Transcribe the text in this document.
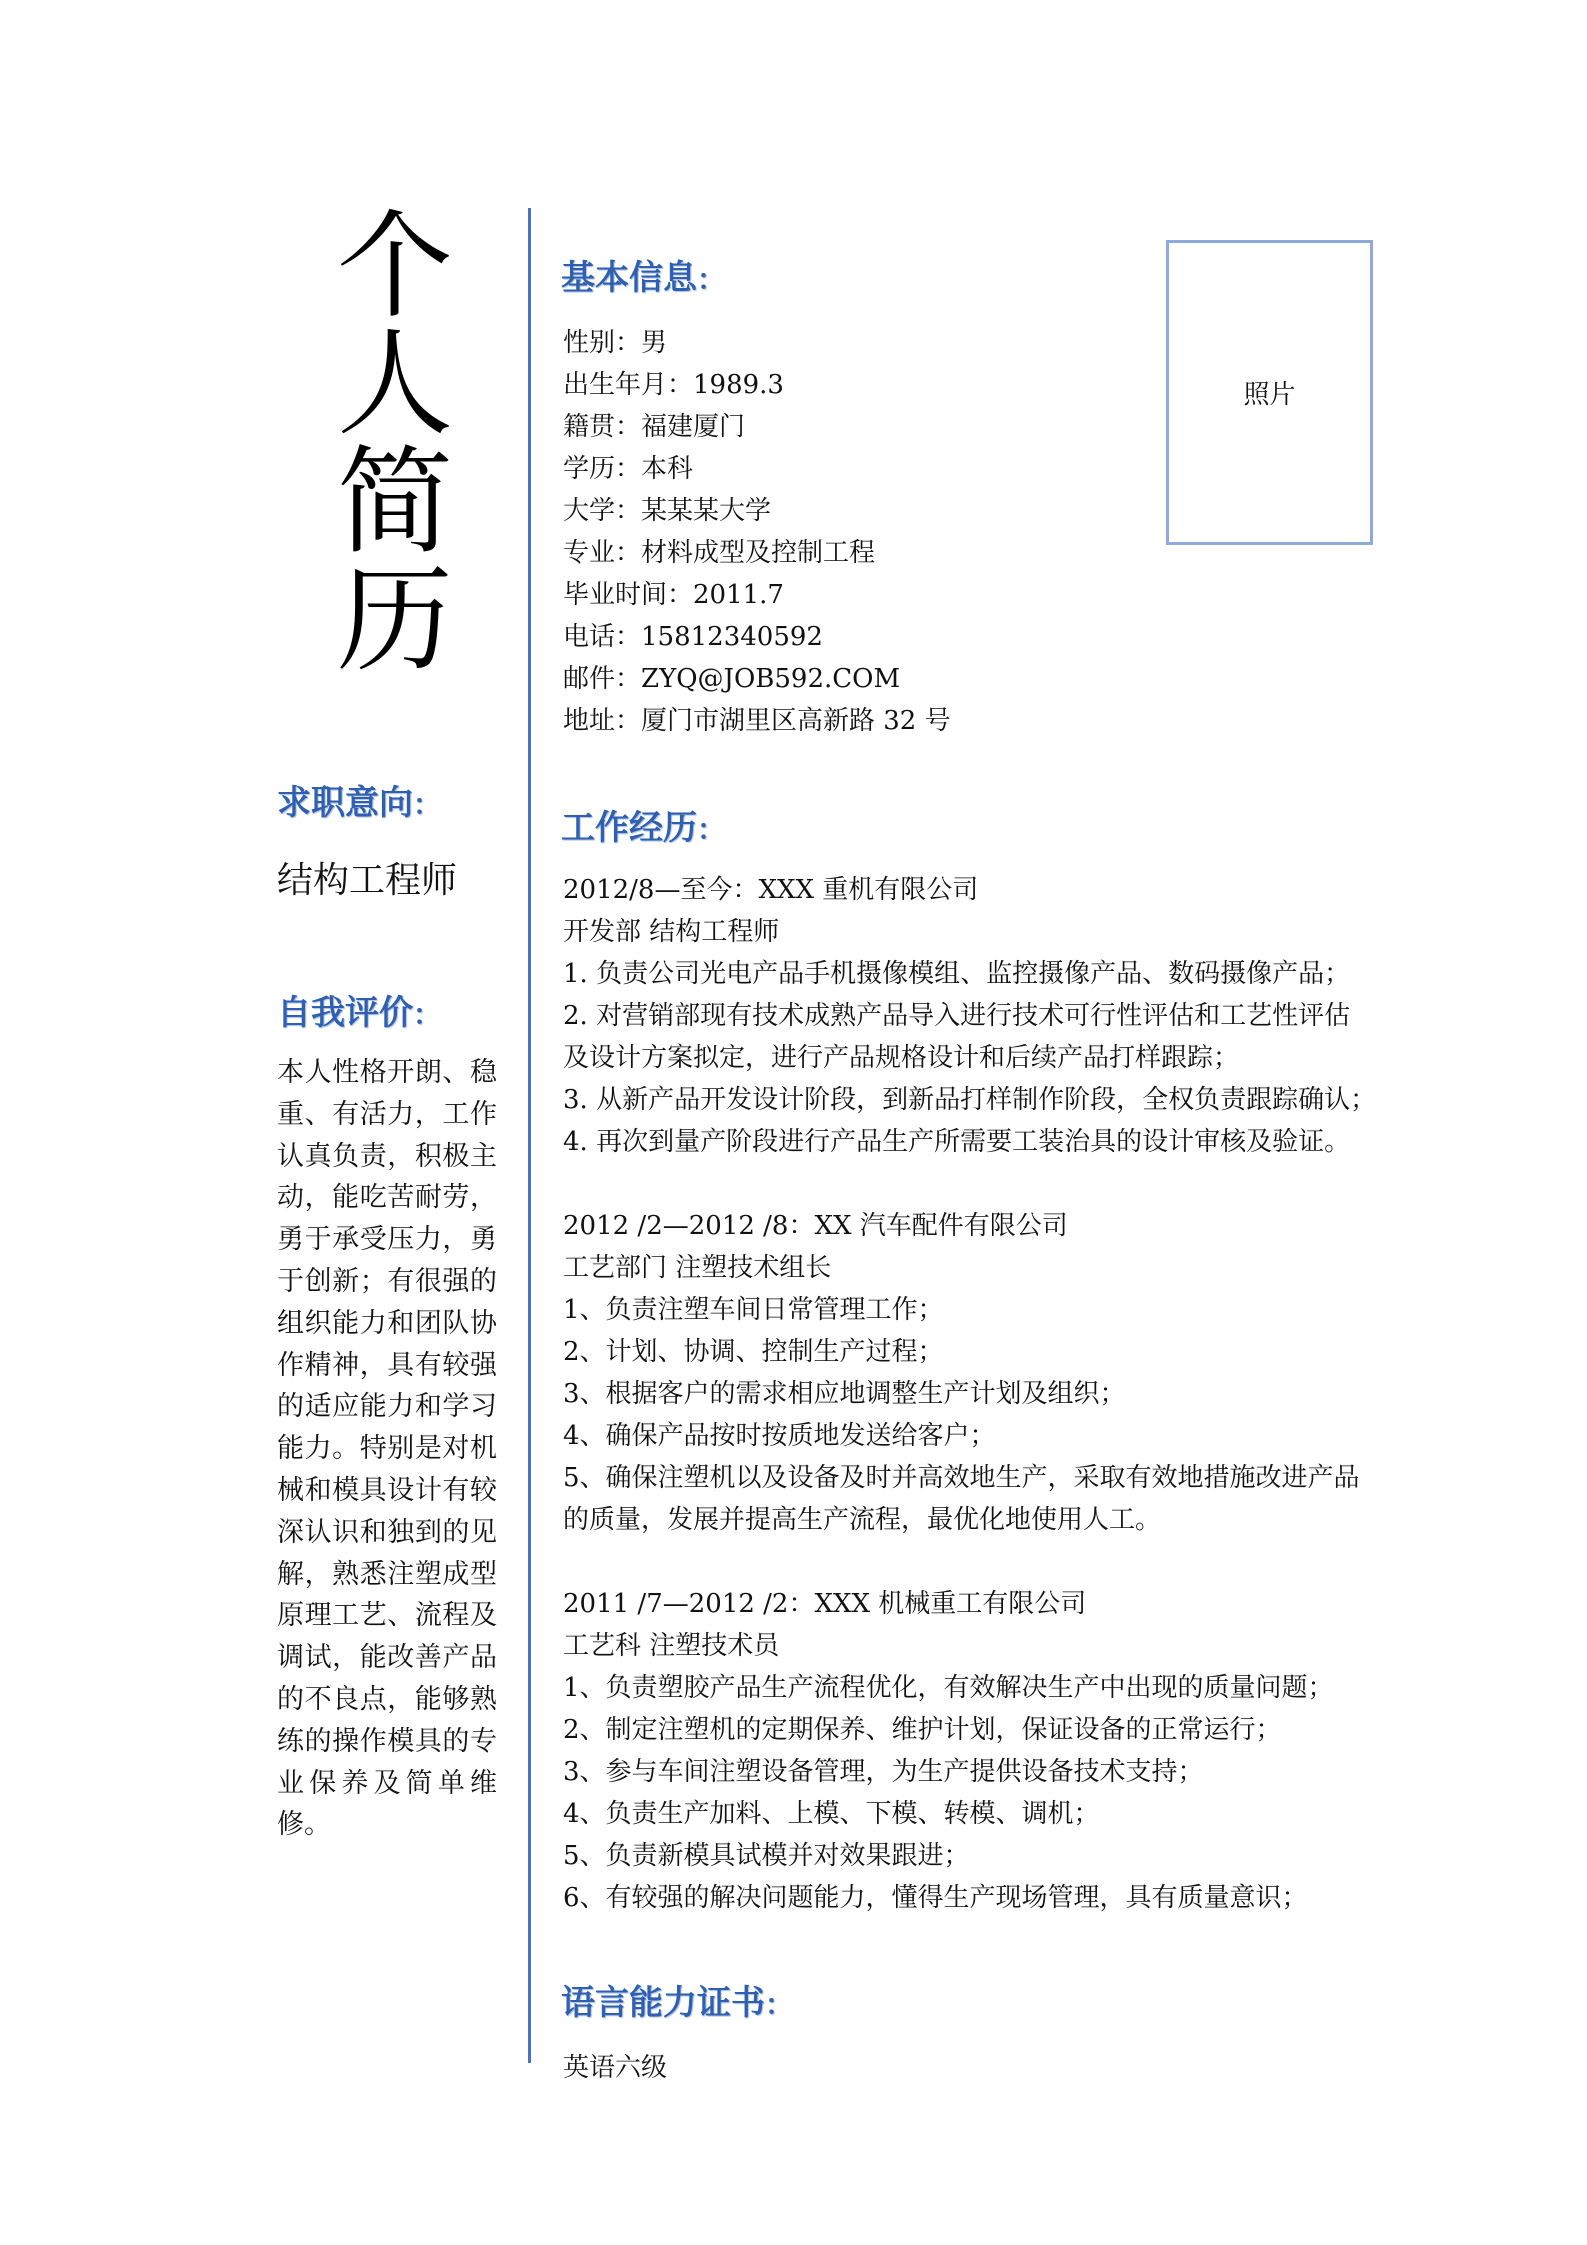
个
人
简
历
求职意向：
结构工程师
自我评价：
本人性格开朗、稳重、有活力，工作认真负责，积极主动，能吃苦耐劳，勇于承受压力，勇于创新；有很强的组织能力和团队协作精神，具有较强的适应能力和学习能力。特别是对机械和模具设计有较深认识和独到的见解，熟悉注塑成型原理工艺、流程及调试，能改善产品的不良点，能够熟练的操作模具的专业保养及简单维修。
基本信息：
性别：男
出生年月：1989.3
籍贯：福建厦门
学历：本科
大学：某某某大学
专业：材料成型及控制工程
毕业时间：2011.7
电话：15812340592
邮件：ZYQ@JOB592.COM
地址：厦门市湖里区高新路 32 号
照片
工作经历：
2012/8—至今：XXX 重机有限公司
开发部 结构工程师
1. 负责公司光电产品手机摄像模组、监控摄像产品、数码摄像产品；
2. 对营销部现有技术成熟产品导入进行技术可行性评估和工艺性评估
及设计方案拟定，进行产品规格设计和后续产品打样跟踪；
3. 从新产品开发设计阶段，到新品打样制作阶段，全权负责跟踪确认；
4. 再次到量产阶段进行产品生产所需要工装治具的设计审核及验证。
2012 /2—2012 /8：XX 汽车配件有限公司
工艺部门 注塑技术组长
1、负责注塑车间日常管理工作；
2、计划、协调、控制生产过程；
3、根据客户的需求相应地调整生产计划及组织；
4、确保产品按时按质地发送给客户；
5、确保注塑机以及设备及时并高效地生产，采取有效地措施改进产品
的质量，发展并提高生产流程，最优化地使用人工。
2011 /7—2012 /2：XXX 机械重工有限公司
工艺科 注塑技术员
1、负责塑胶产品生产流程优化，有效解决生产中出现的质量问题；
2、制定注塑机的定期保养、维护计划，保证设备的正常运行；
3、参与车间注塑设备管理，为生产提供设备技术支持；
4、负责生产加料、上模、下模、转模、调机；
5、负责新模具试模并对效果跟进；
6、有较强的解决问题能力，懂得生产现场管理，具有质量意识；
语言能力证书：
英语六级
